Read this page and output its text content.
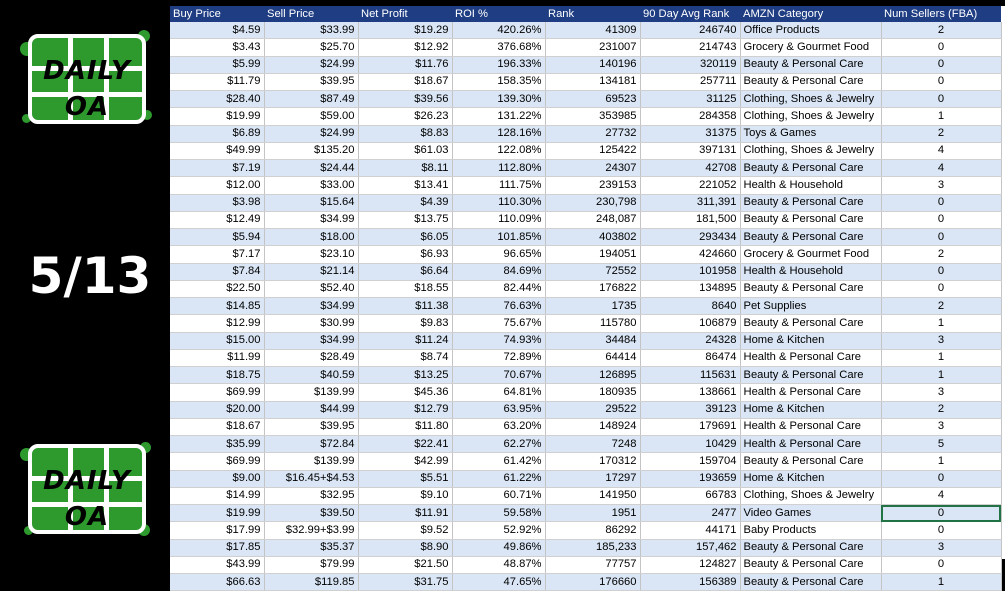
DAILY
OA
5/13
DAILY
OA
Buy Price	Sell Price	Net Profit	ROI %	Rank	90 Day Avg Rank	AMZN Category	Num Sellers (FBA)
$4.59	$33.99	$19.29	420.26%	41309	246740	Office Products	2
$3.43	$25.70	$12.92	376.68%	231007	214743	Grocery & Gourmet Food	0
$5.99	$24.99	$11.76	196.33%	140196	320119	Beauty & Personal Care	0
$11.79	$39.95	$18.67	158.35%	134181	257711	Beauty & Personal Care	0
$28.40	$87.49	$39.56	139.30%	69523	31125	Clothing, Shoes & Jewelry	0
$19.99	$59.00	$26.23	131.22%	353985	284358	Clothing, Shoes & Jewelry	1
$6.89	$24.99	$8.83	128.16%	27732	31375	Toys & Games	2
$49.99	$135.20	$61.03	122.08%	125422	397131	Clothing, Shoes & Jewelry	4
$7.19	$24.44	$8.11	112.80%	24307	42708	Beauty & Personal Care	4
$12.00	$33.00	$13.41	111.75%	239153	221052	Health & Household	3
$3.98	$15.64	$4.39	110.30%	230,798	311,391	Beauty & Personal Care	0
$12.49	$34.99	$13.75	110.09%	248,087	181,500	Beauty & Personal Care	0
$5.94	$18.00	$6.05	101.85%	403802	293434	Beauty & Personal Care	0
$7.17	$23.10	$6.93	96.65%	194051	424660	Grocery & Gourmet Food	2
$7.84	$21.14	$6.64	84.69%	72552	101958	Health & Household	0
$22.50	$52.40	$18.55	82.44%	176822	134895	Beauty & Personal Care	0
$14.85	$34.99	$11.38	76.63%	1735	8640	Pet Supplies	2
$12.99	$30.99	$9.83	75.67%	115780	106879	Beauty & Personal Care	1
$15.00	$34.99	$11.24	74.93%	34484	24328	Home & Kitchen	3
$11.99	$28.49	$8.74	72.89%	64414	86474	Health & Personal Care	1
$18.75	$40.59	$13.25	70.67%	126895	115631	Beauty & Personal Care	1
$69.99	$139.99	$45.36	64.81%	180935	138661	Health & Personal Care	3
$20.00	$44.99	$12.79	63.95%	29522	39123	Home & Kitchen	2
$18.67	$39.95	$11.80	63.20%	148924	179691	Health & Personal Care	3
$35.99	$72.84	$22.41	62.27%	7248	10429	Health & Personal Care	5
$69.99	$139.99	$42.99	61.42%	170312	159704	Beauty & Personal Care	1
$9.00	$16.45+$4.53	$5.51	61.22%	17297	193659	Home & Kitchen	0
$14.99	$32.95	$9.10	60.71%	141950	66783	Clothing, Shoes & Jewelry	4
$19.99	$39.50	$11.91	59.58%	1951	2477	Video Games	0
$17.99	$32.99+$3.99	$9.52	52.92%	86292	44171	Baby Products	0
$17.85	$35.37	$8.90	49.86%	185,233	157,462	Beauty & Personal Care	3
$43.99	$79.99	$21.50	48.87%	77757	124827	Beauty & Personal Care	0
$66.63	$119.85	$31.75	47.65%	176660	156389	Beauty & Personal Care	1
